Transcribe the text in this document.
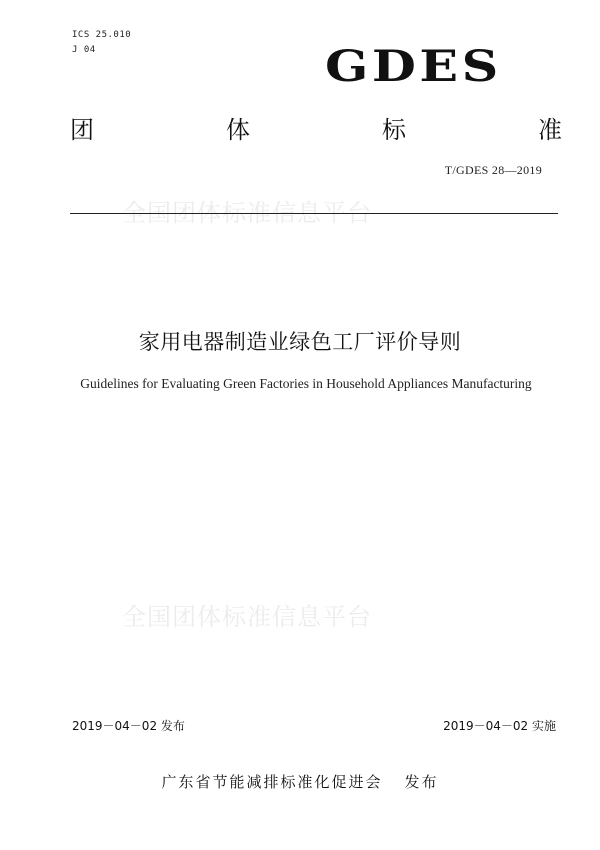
ICS 25.010
J 04	GDES
团	体	标	准
T/GDES 28—2019
全国团体标准信息平台
家用电器制造业绿色工厂评价导则
Guidelines for Evaluating Green Factories in Household Appliances Manufacturing
全国团体标准信息平台
2019－04－02 发布	2019－04－02 实施
广东省节能减排标准化促进会 发布
